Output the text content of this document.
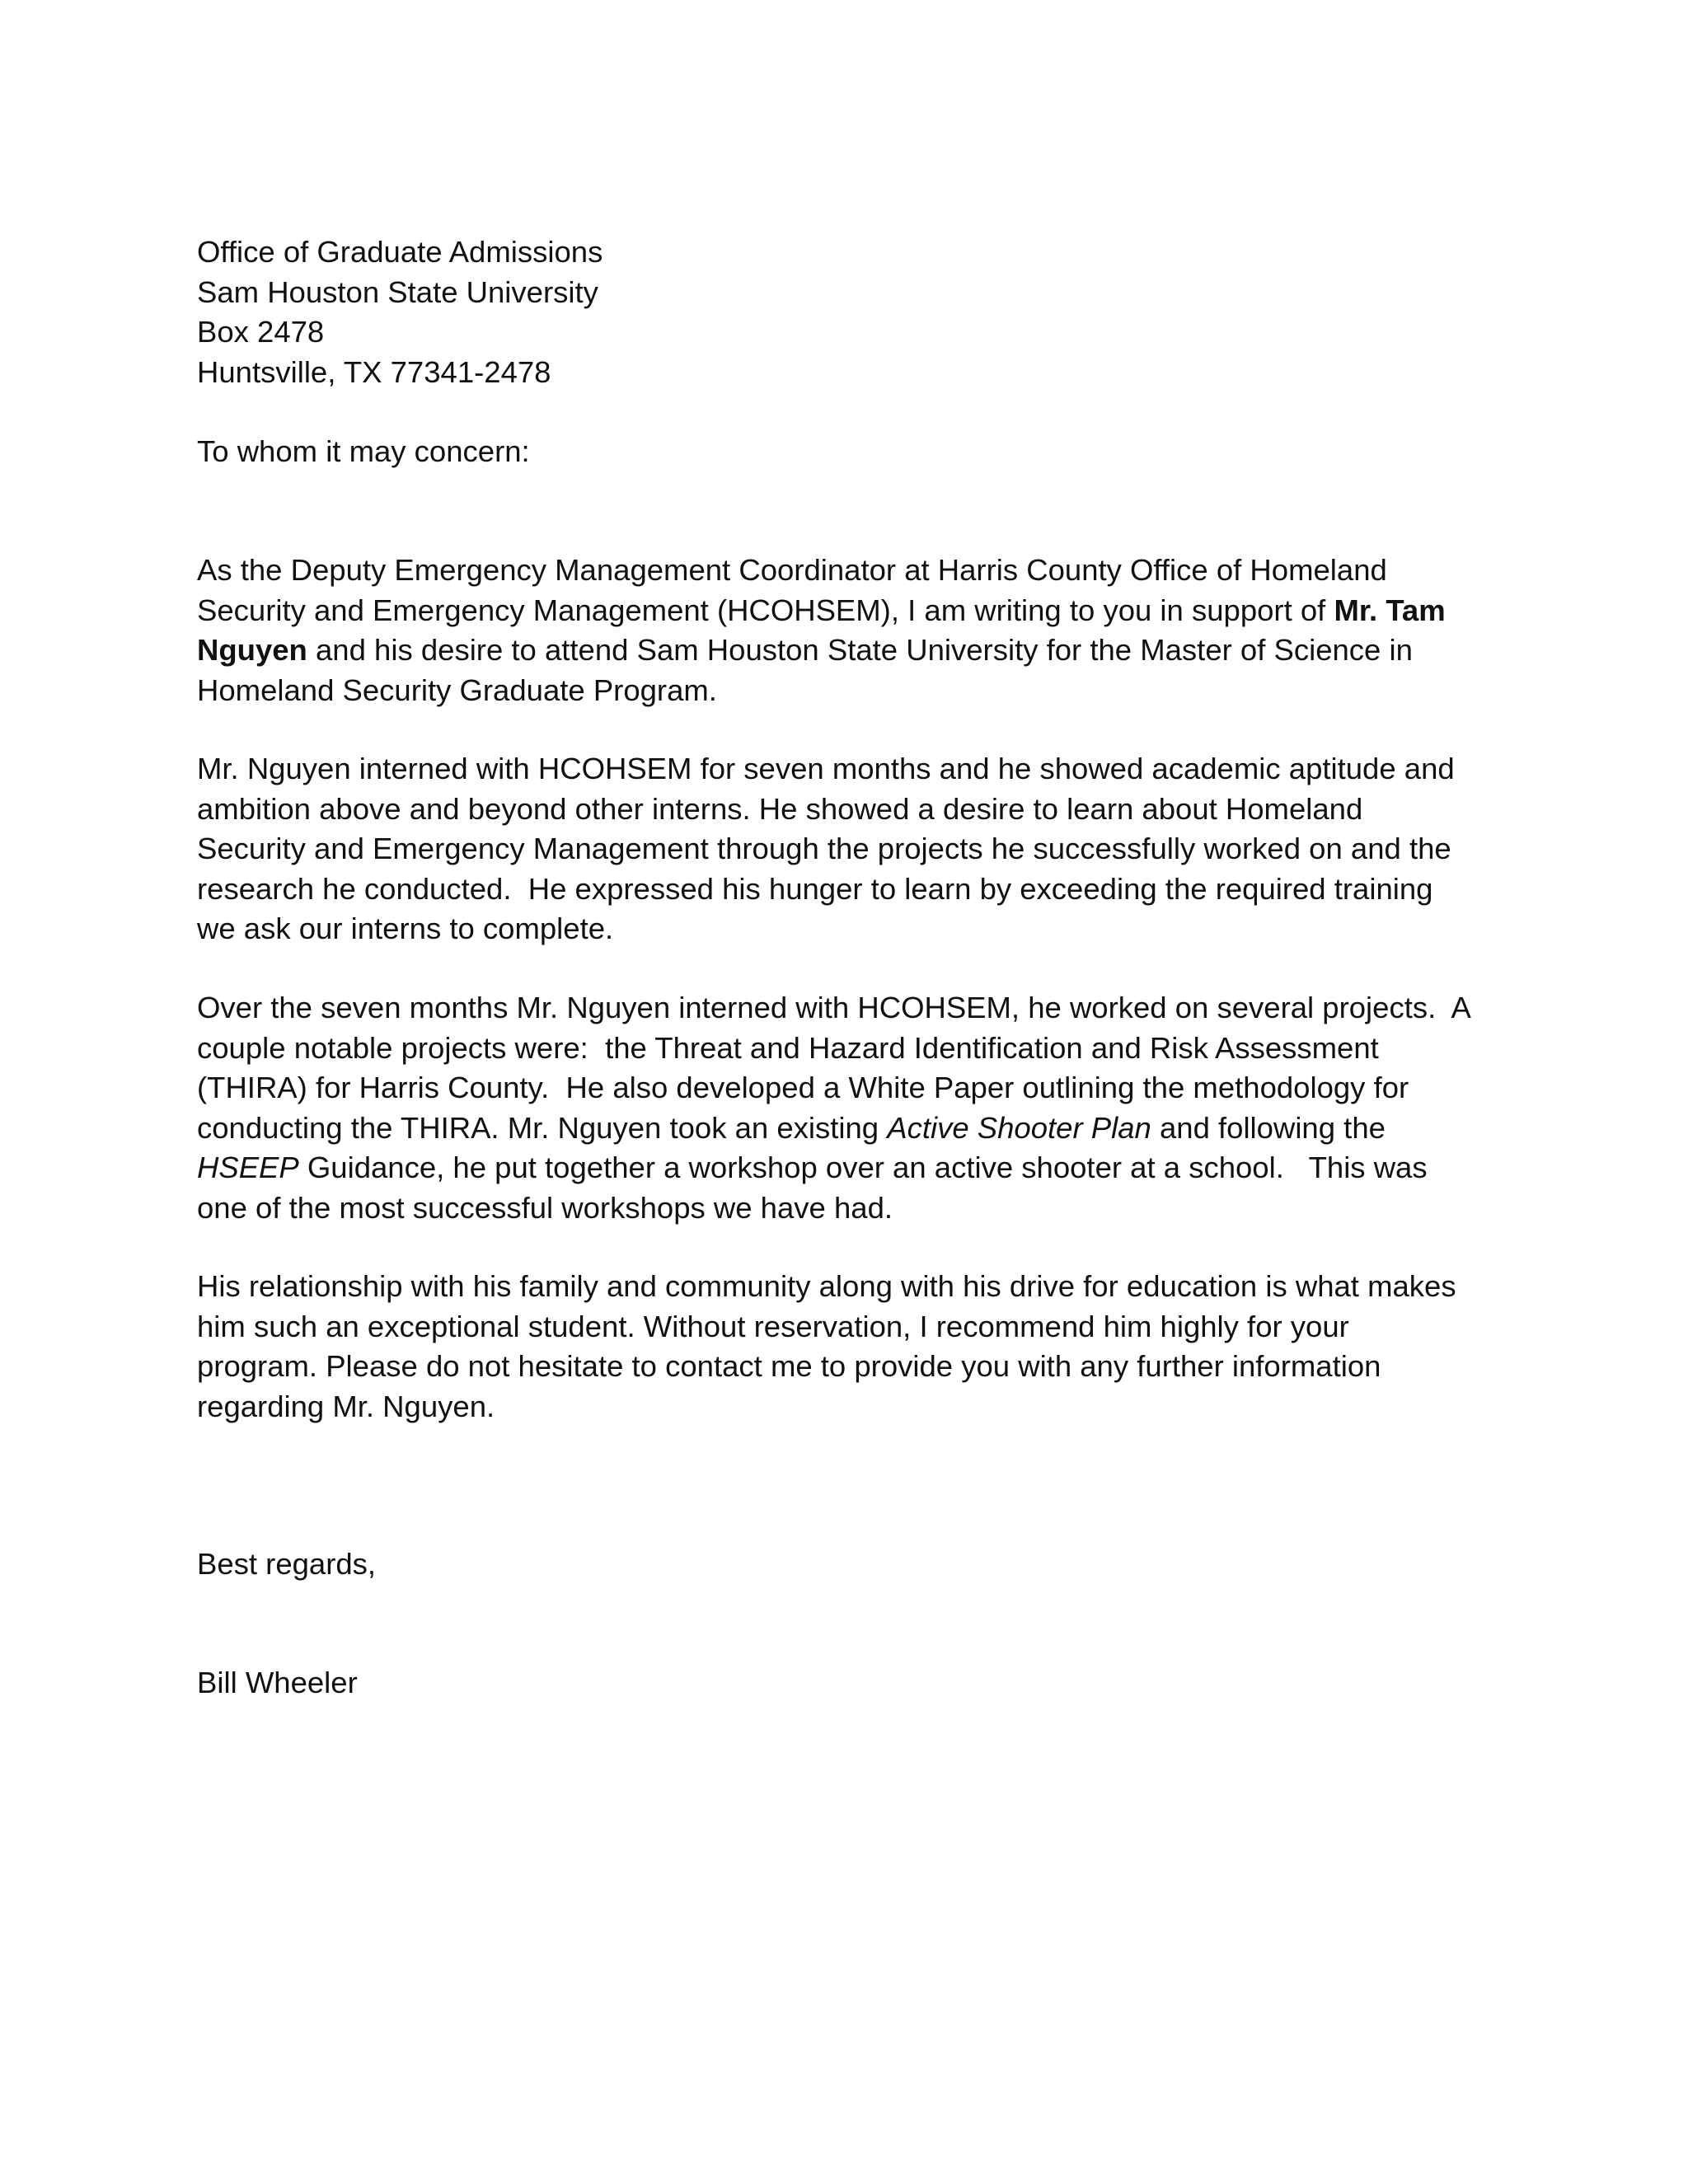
Office of Graduate Admissions
Sam Houston State University
Box 2478
Huntsville, TX 77341-2478
To whom it may concern:
As the Deputy Emergency Management Coordinator at Harris County Office of Homeland
Security and Emergency Management (HCOHSEM), I am writing to you in support of Mr. Tam
Nguyen and his desire to attend Sam Houston State University for the Master of Science in
Homeland Security Graduate Program.
Mr. Nguyen interned with HCOHSEM for seven months and he showed academic aptitude and
ambition above and beyond other interns. He showed a desire to learn about Homeland
Security and Emergency Management through the projects he successfully worked on and the
research he conducted.  He expressed his hunger to learn by exceeding the required training
we ask our interns to complete.
Over the seven months Mr. Nguyen interned with HCOHSEM, he worked on several projects.  A
couple notable projects were:  the Threat and Hazard Identification and Risk Assessment
(THIRA) for Harris County.  He also developed a White Paper outlining the methodology for
conducting the THIRA. Mr. Nguyen took an existing Active Shooter Plan and following the
HSEEP Guidance, he put together a workshop over an active shooter at a school.   This was
one of the most successful workshops we have had.
His relationship with his family and community along with his drive for education is what makes
him such an exceptional student. Without reservation, I recommend him highly for your
program. Please do not hesitate to contact me to provide you with any further information
regarding Mr. Nguyen.
Best regards,
Bill Wheeler
